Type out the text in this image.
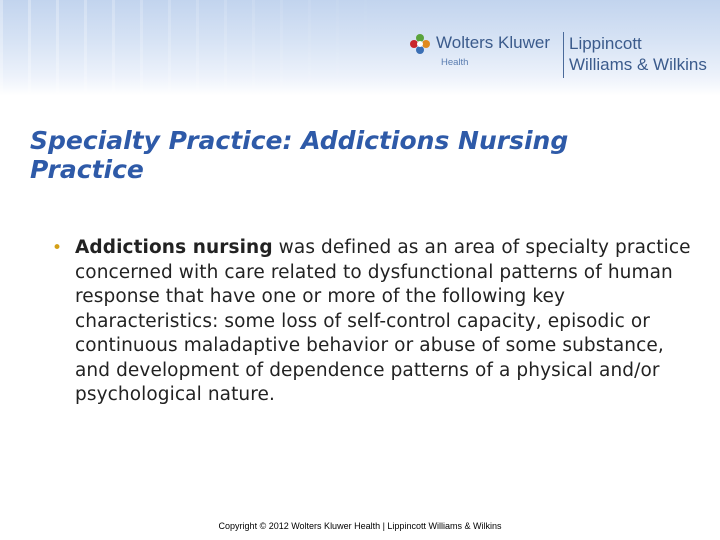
Wolters Kluwer
Health
Lippincott
Williams & Wilkins
Specialty Practice: Addictions Nursing Practice
• Addictions nursing was defined as an area of specialty practice concerned with care related to dysfunctional patterns of human response that have one or more of the following key characteristics: some loss of self-control capacity, episodic or continuous maladaptive behavior or abuse of some substance, and development of dependence patterns of a physical and/or psychological nature.
Copyright © 2012 Wolters Kluwer Health | Lippincott Williams & Wilkins
